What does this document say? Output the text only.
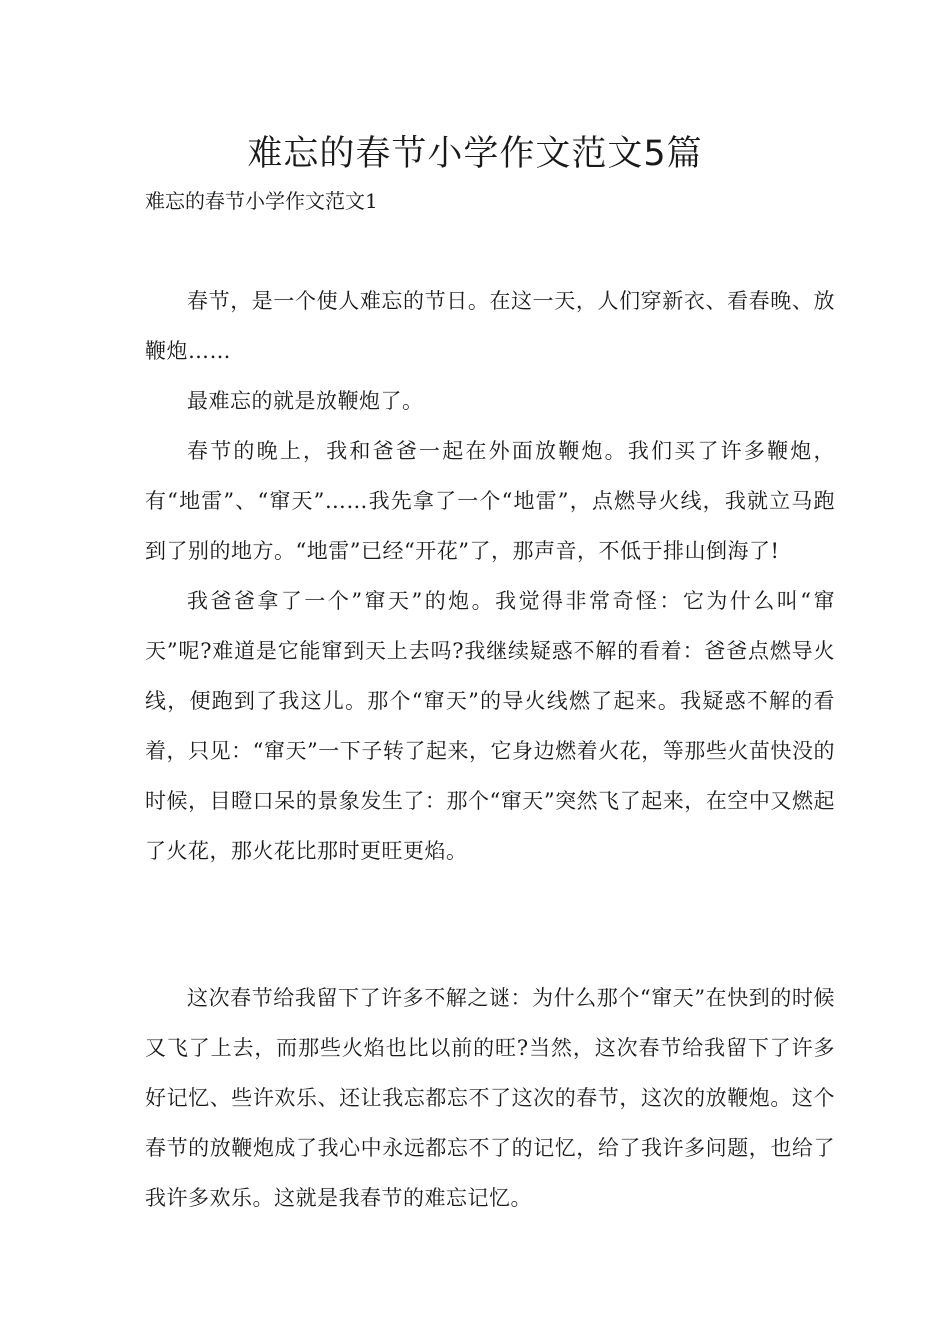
难忘的春节小学作文范文5篇
难忘的春节小学作文范文1

春节，是一个使人难忘的节日。在这一天，人们穿新衣、看春晚、放鞭炮……

最难忘的就是放鞭炮了。

春节的晚上，我和爸爸一起在外面放鞭炮。我们买了许多鞭炮，有“地雷”、“窜天”……我先拿了一个“地雷”，点燃导火线，我就立马跑到了别的地方。“地雷”已经“开花”了，那声音，不低于排山倒海了!

我爸爸拿了一个”窜天”的炮。我觉得非常奇怪：它为什么叫“窜天”呢?难道是它能窜到天上去吗?我继续疑惑不解的看着：爸爸点燃导火线，便跑到了我这儿。那个“窜天”的导火线燃了起来。我疑惑不解的看着，只见：“窜天”一下子转了起来，它身边燃着火花，等那些火苗快没的时候，目瞪口呆的景象发生了：那个“窜天”突然飞了起来，在空中又燃起了火花，那火花比那时更旺更焰。

这次春节给我留下了许多不解之谜：为什么那个“窜天”在快到的时候又飞了上去，而那些火焰也比以前的旺?当然，这次春节给我留下了许多好记忆、些许欢乐、还让我忘都忘不了这次的春节，这次的放鞭炮。这个春节的放鞭炮成了我心中永远都忘不了的记忆，给了我许多问题，也给了我许多欢乐。这就是我春节的难忘记忆。
